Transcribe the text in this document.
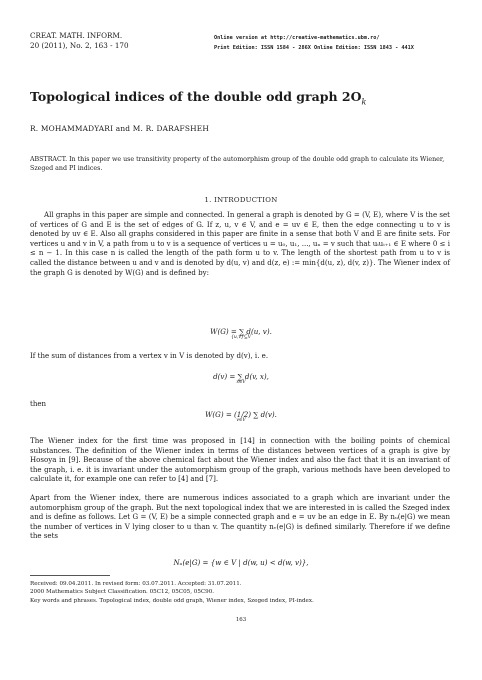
CREAT. MATH. INFORM.
20 (2011), No. 2, 163 - 170
Online version at http://creative-mathematics.ubm.ro/
Print Edition: ISSN 1584 - 286X Online Edition: ISSN 1843 - 441X
Topological indices of the double odd graph $2O_k$
R. MOHAMMADYARI and M. R. DARAFSHEH
ABSTRACT. In this paper we use transitivity property of the automorphism group of the double odd graph to calculate its Wiener, Szeged and PI indices.
1. INTRODUCTION
All graphs in this paper are simple and connected. In general a graph is denoted by G = (V, E), where V is the set of vertices of G and E is the set of edges of G. If z, u, v ∈ V, and e = uv ∈ E, then the edge connecting u to v is denoted by uv ∈ E. Also all graphs considered in this paper are finite in a sense that both V and E are finite sets. For vertices u and v in V, a path from u to v is a sequence of vertices u = u₀, u₁, ..., uₙ = v such that uᵢuᵢ₊₁ ∈ E where 0 ≤ i ≤ n − 1. In this case n is called the length of the path form u to v. The length of the shortest path from u to v is called the distance between u and v and is denoted by d(u, v) and d(z, e) := min{d(u, z), d(v, z)}. The Wiener index of the graph G is denoted by W(G) and is defined by:
W(G) = ∑ d(u, v).
{u,v}⊆V
If the sum of distances from a vertex v in V is denoted by d(v), i. e.
d(v) = ∑ d(v, x),
x∈V
then
W(G) = (1/2) ∑ d(v).
v∈V
The Wiener index for the first time was proposed in [14] in connection with the boiling points of chemical substances. The definition of the Wiener index in terms of the distances between vertices of a graph is give by Hosoya in [9]. Because of the above chemical fact about the Wiener index and also the fact that it is an invariant of the graph, i. e. it is invariant under the automorphism group of the graph, various methods have been developed to calculate it, for example one can refer to [4] and [7].
Apart from the Wiener index, there are numerous indices associated to a graph which are invariant under the automorphism group of the graph. But the next topological index that we are interested in is called the Szeged index and is define as follows. Let G = (V, E) be a simple connected graph and e = uv be an edge in E. By nᵤ(e|G) we mean the number of vertices in V lying closer to u than v. The quantity nᵥ(e|G) is defined similarly. Therefore if we define the sets
Nᵤ(e|G) = {w ∈ V | d(w, u) < d(w, v)},
Received: 09.04.2011. In revised form: 03.07.2011. Accepted: 31.07.2011.
2000 Mathematics Subject Classification. 05C12, 05C05, 05C90.
Key words and phrases. Topological index, double odd graph, Wiener index, Szeged index, PI-index.
163
